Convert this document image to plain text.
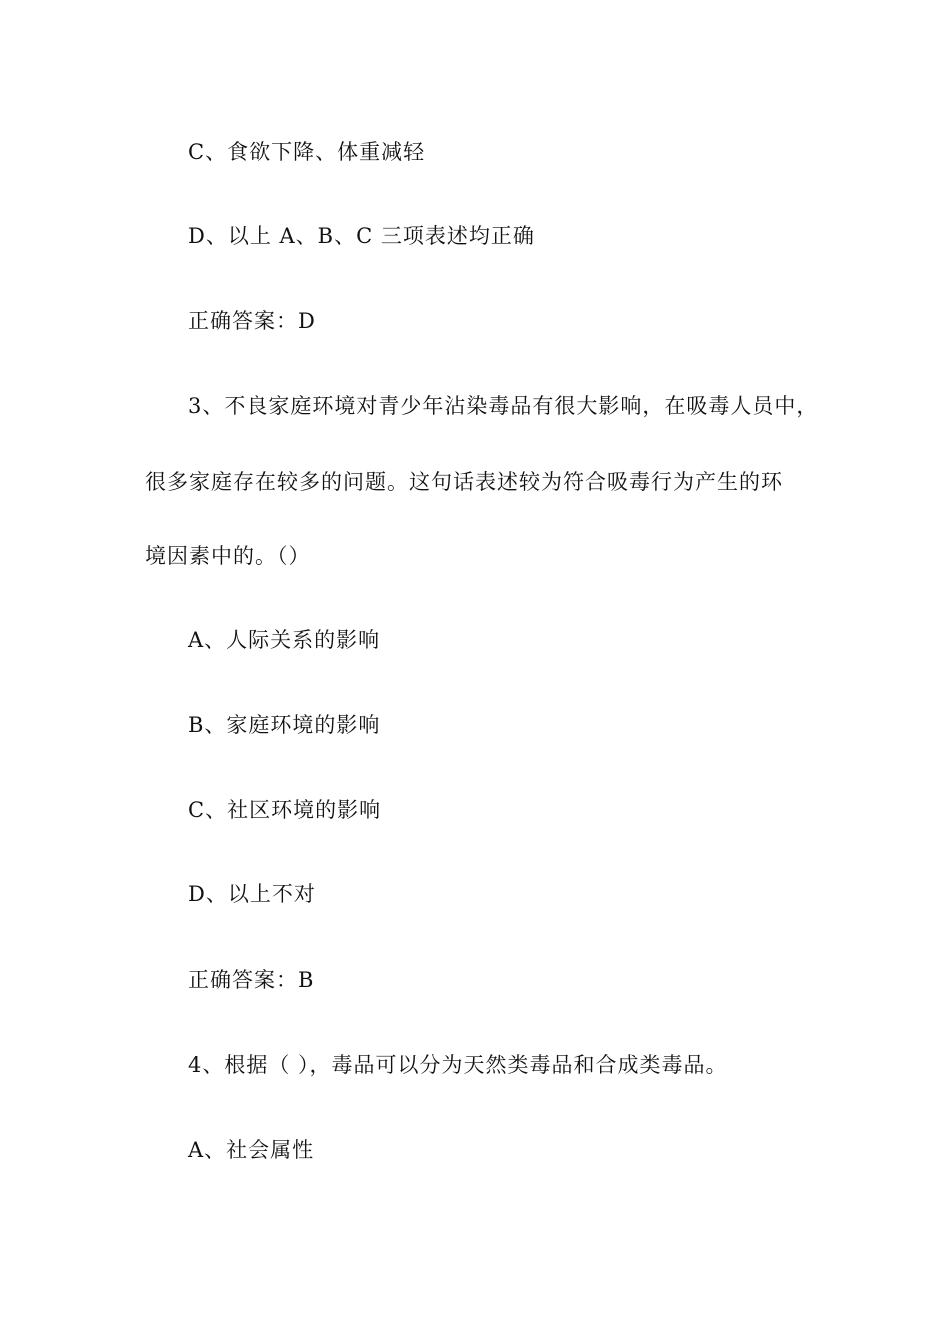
C、食欲下降、体重减轻
D、以上 A、B、C 三项表述均正确
正确答案：D
3、不良家庭环境对青少年沾染毒品有很大影响，在吸毒人员中，
很多家庭存在较多的问题。这句话表述较为符合吸毒行为产生的环
境因素中的。（）
A、人际关系的影响
B、家庭环境的影响
C、社区环境的影响
D、以上不对
正确答案：B
4、根据（ ），毒品可以分为天然类毒品和合成类毒品。
A、社会属性
